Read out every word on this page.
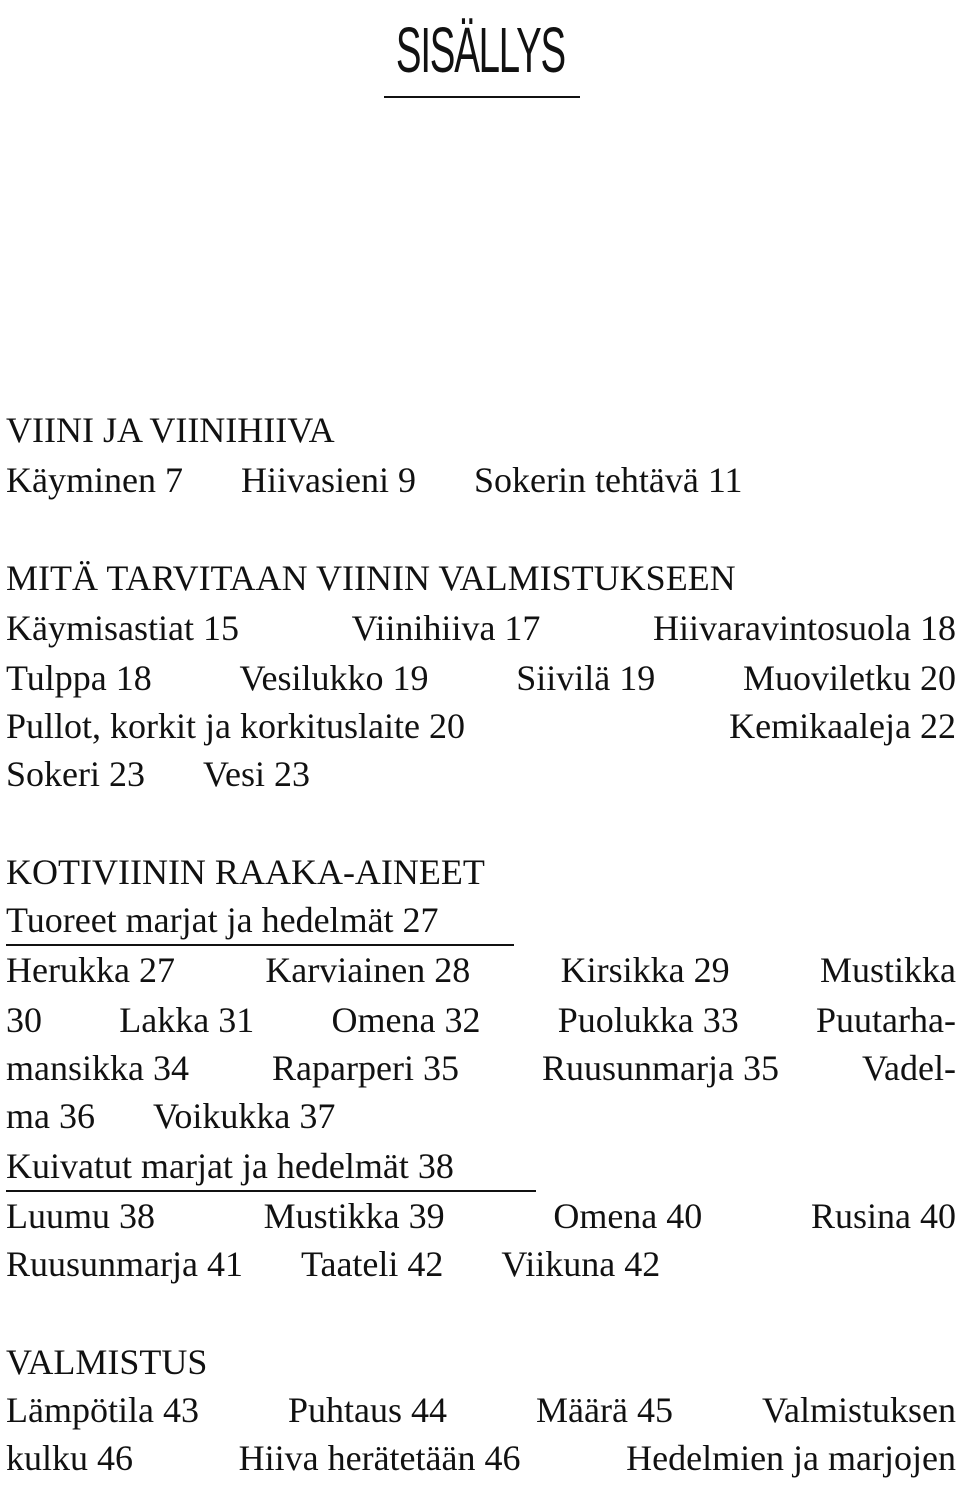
SISÄLLYS
VIINI JA VIINIHIIVA
Käyminen 7 Hiivasieni 9 Sokerin tehtävä 11
MITÄ TARVITAAN VIININ VALMISTUKSEEN
Käymisastiat 15	Viinihiiva 17	Hiivaravintosuola 18
Tulppa 18 Vesilukko 19 Siivilä 19 Muoviletku 20
Pullot, korkit ja korkituslaite 20	Kemikaaleja 22
Sokeri 23 Vesi 23
KOTIVIININ RAAKA-AINEET
Tuoreet marjat ja hedelmät 27
Herukka 27	Karviainen 28	Kirsikka 29	Mustikka
30 Lakka 31 Omena 32 Puolukka 33 Puutarha-
mansikka 34 Raparperi 35 Ruusunmarja 35 Vadel-
ma 36 Voikukka 37
Kuivatut marjat ja hedelmät 38
Luumu 38	Mustikka 39	Omena 40	Rusina 40
Ruusunmarja 41 Taateli 42 Viikuna 42
VALMISTUS
Lämpötila 43 Puhtaus 44 Määrä 45 Valmistuksen
kulku 46	Hiiva herätetään 46	Hedelmien ja marjojen
